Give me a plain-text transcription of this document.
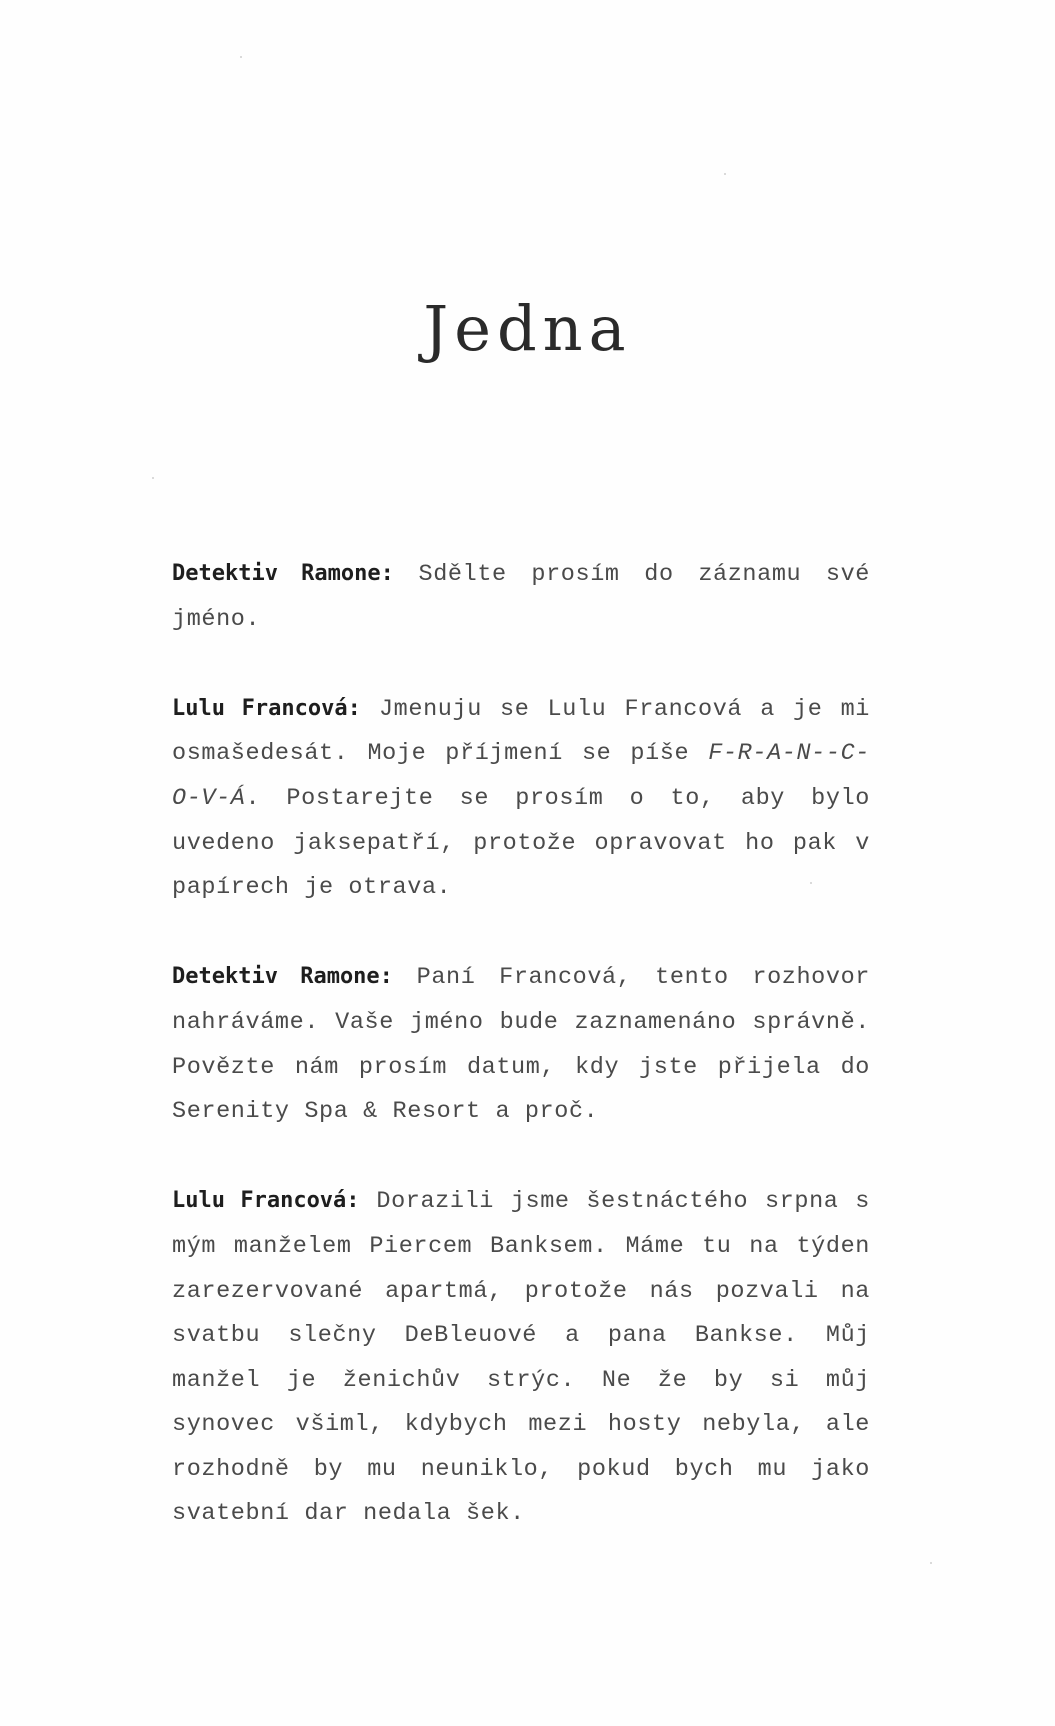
Jedna

Detektiv Ramone: Sdělte prosím do záznamu své jméno.

Lulu Francová: Jmenuju se Lulu Francová a je mi osmašedesát. Moje příjmení se píše F-R-A-N--C-O-V-Á. Postarejte se prosím o to, aby bylo uvedeno jaksepatří, protože opravovat ho pak v papírech je otrava.

Detektiv Ramone: Paní Francová, tento rozhovor nahráváme. Vaše jméno bude zaznamenáno správně. Povězte nám prosím datum, kdy jste přijela do Serenity Spa & Resort a proč.

Lulu Francová: Dorazili jsme šestnáctého srpna s mým manželem Piercem Banksem. Máme tu na týden zarezervované apartmá, protože nás pozvali na svatbu slečny DeBleuové a pana Bankse. Můj manžel je ženichův strýc. Ne že by si můj synovec všiml, kdybych mezi hosty nebyla, ale rozhodně by mu neuniklo, pokud bych mu jako svatební dar nedala šek.
